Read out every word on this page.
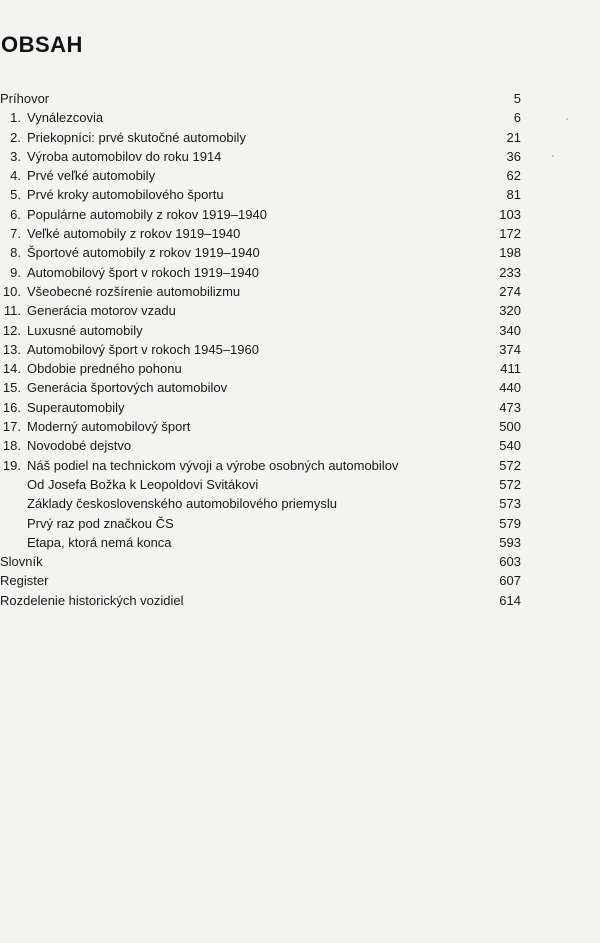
OBSAH
Príhovor	5
1. Vynálezcovia	6
2. Priekopníci: prvé skutočné automobily	21
3. Výroba automobilov do roku 1914	36
4. Prvé veľké automobily	62
5. Prvé kroky automobilového športu	81
6. Populárne automobily z rokov 1919–1940	103
7. Veľké automobily z rokov 1919–1940	172
8. Športové automobily z rokov 1919–1940	198
9. Automobilový šport v rokoch 1919–1940	233
10. Všeobecné rozšírenie automobilizmu	274
11. Generácia motorov vzadu	320
12. Luxusné automobily	340
13. Automobilový šport v rokoch 1945–1960	374
14. Obdobie predného pohonu	411
15. Generácia športových automobilov	440
16. Superautomobily	473
17. Moderný automobilový šport	500
18. Novodobé dejstvo	540
19. Náš podiel na technickom vývoji a výrobe osobných automobilov	572
Od Josefa Božka k Leopoldovi Svitákovi	572
Základy československého automobilového priemyslu	573
Prvý raz pod značkou ČS	579
Etapa, ktorá nemá konca	593
Slovník	603
Register	607
Rozdelenie historických vozidiel	614
